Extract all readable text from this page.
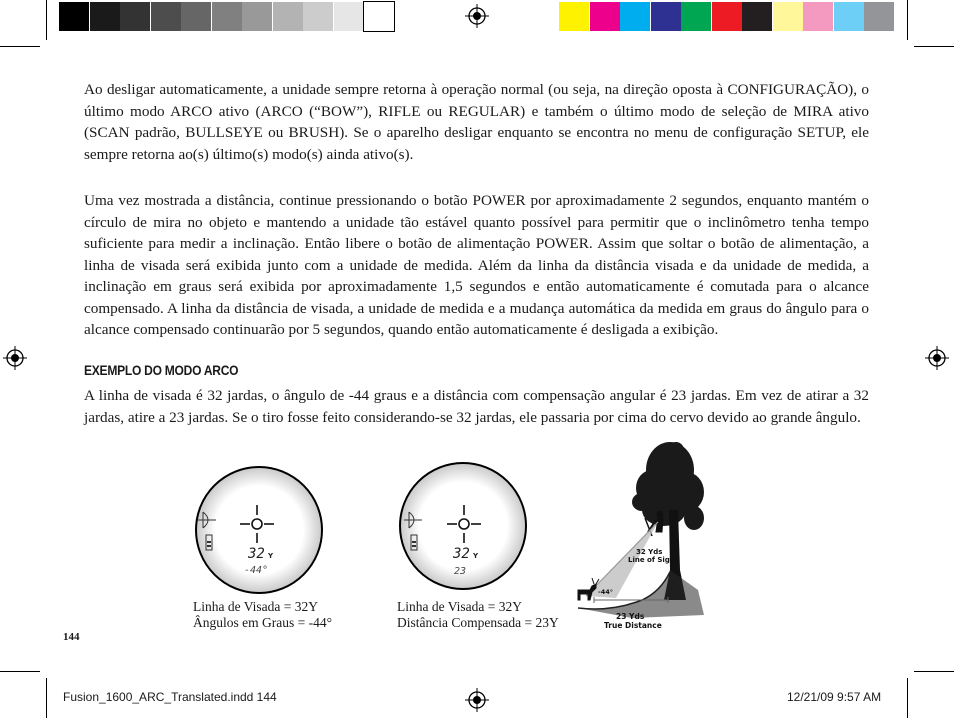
Ao desligar automaticamente, a unidade sempre retorna à operação normal (ou seja, na direção oposta à CONFIGURAÇÃO), o último modo ARCO ativo (ARCO (“BOW”), RIFLE ou REGULAR) e também o último modo de seleção de MIRA ativo (SCAN padrão, BULLSEYE ou BRUSH). Se o aparelho desligar enquanto se encontra no menu de configuração SETUP, ele sempre retorna ao(s) último(s) modo(s) ainda ativo(s).

Uma vez mostrada a distância, continue pressionando o botão POWER por aproximadamente 2 segundos, enquanto mantém o círculo de mira no objeto e mantendo a unidade tão estável quanto possível para permitir que o inclinômetro tenha tempo suficiente para medir a inclinação. Então libere o botão de alimentação POWER. Assim que soltar o botão de alimentação, a linha de visada será exibida junto com a unidade de medida. Além da linha da distância visada e da unidade de medida, a inclinação em graus será exibida por aproximadamente 1,5 segundos e então automaticamente é comutada para o alcance compensado. A linha da distância de visada, a unidade de medida e a mudança automática da medida em graus do ângulo para o alcance compensado continuarão por 5 segundos, quando então automaticamente é desligada a exibição.

EXEMPLO DO MODO ARCO

A linha de visada é 32 jardas, o ângulo de -44 graus e a distância com compensação angular é 23 jardas. Em vez de atirar a 32 jardas, atire a 23 jardas. Se o tiro fosse feito considerando-se 32 jardas, ele passaria por cima do cervo devido ao grande ângulo.

32 Y
-44°
Linha de Visada = 32Y
Ângulos em Graus = -44°
32 Y
23
Linha de Visada = 32Y
Distância Compensada = 23Y
32 Yds
Line of Sight
-44°
23 Yds
True Distance
144
Fusion_1600_ARC_Translated.indd 144	12/21/09 9:57 AM
